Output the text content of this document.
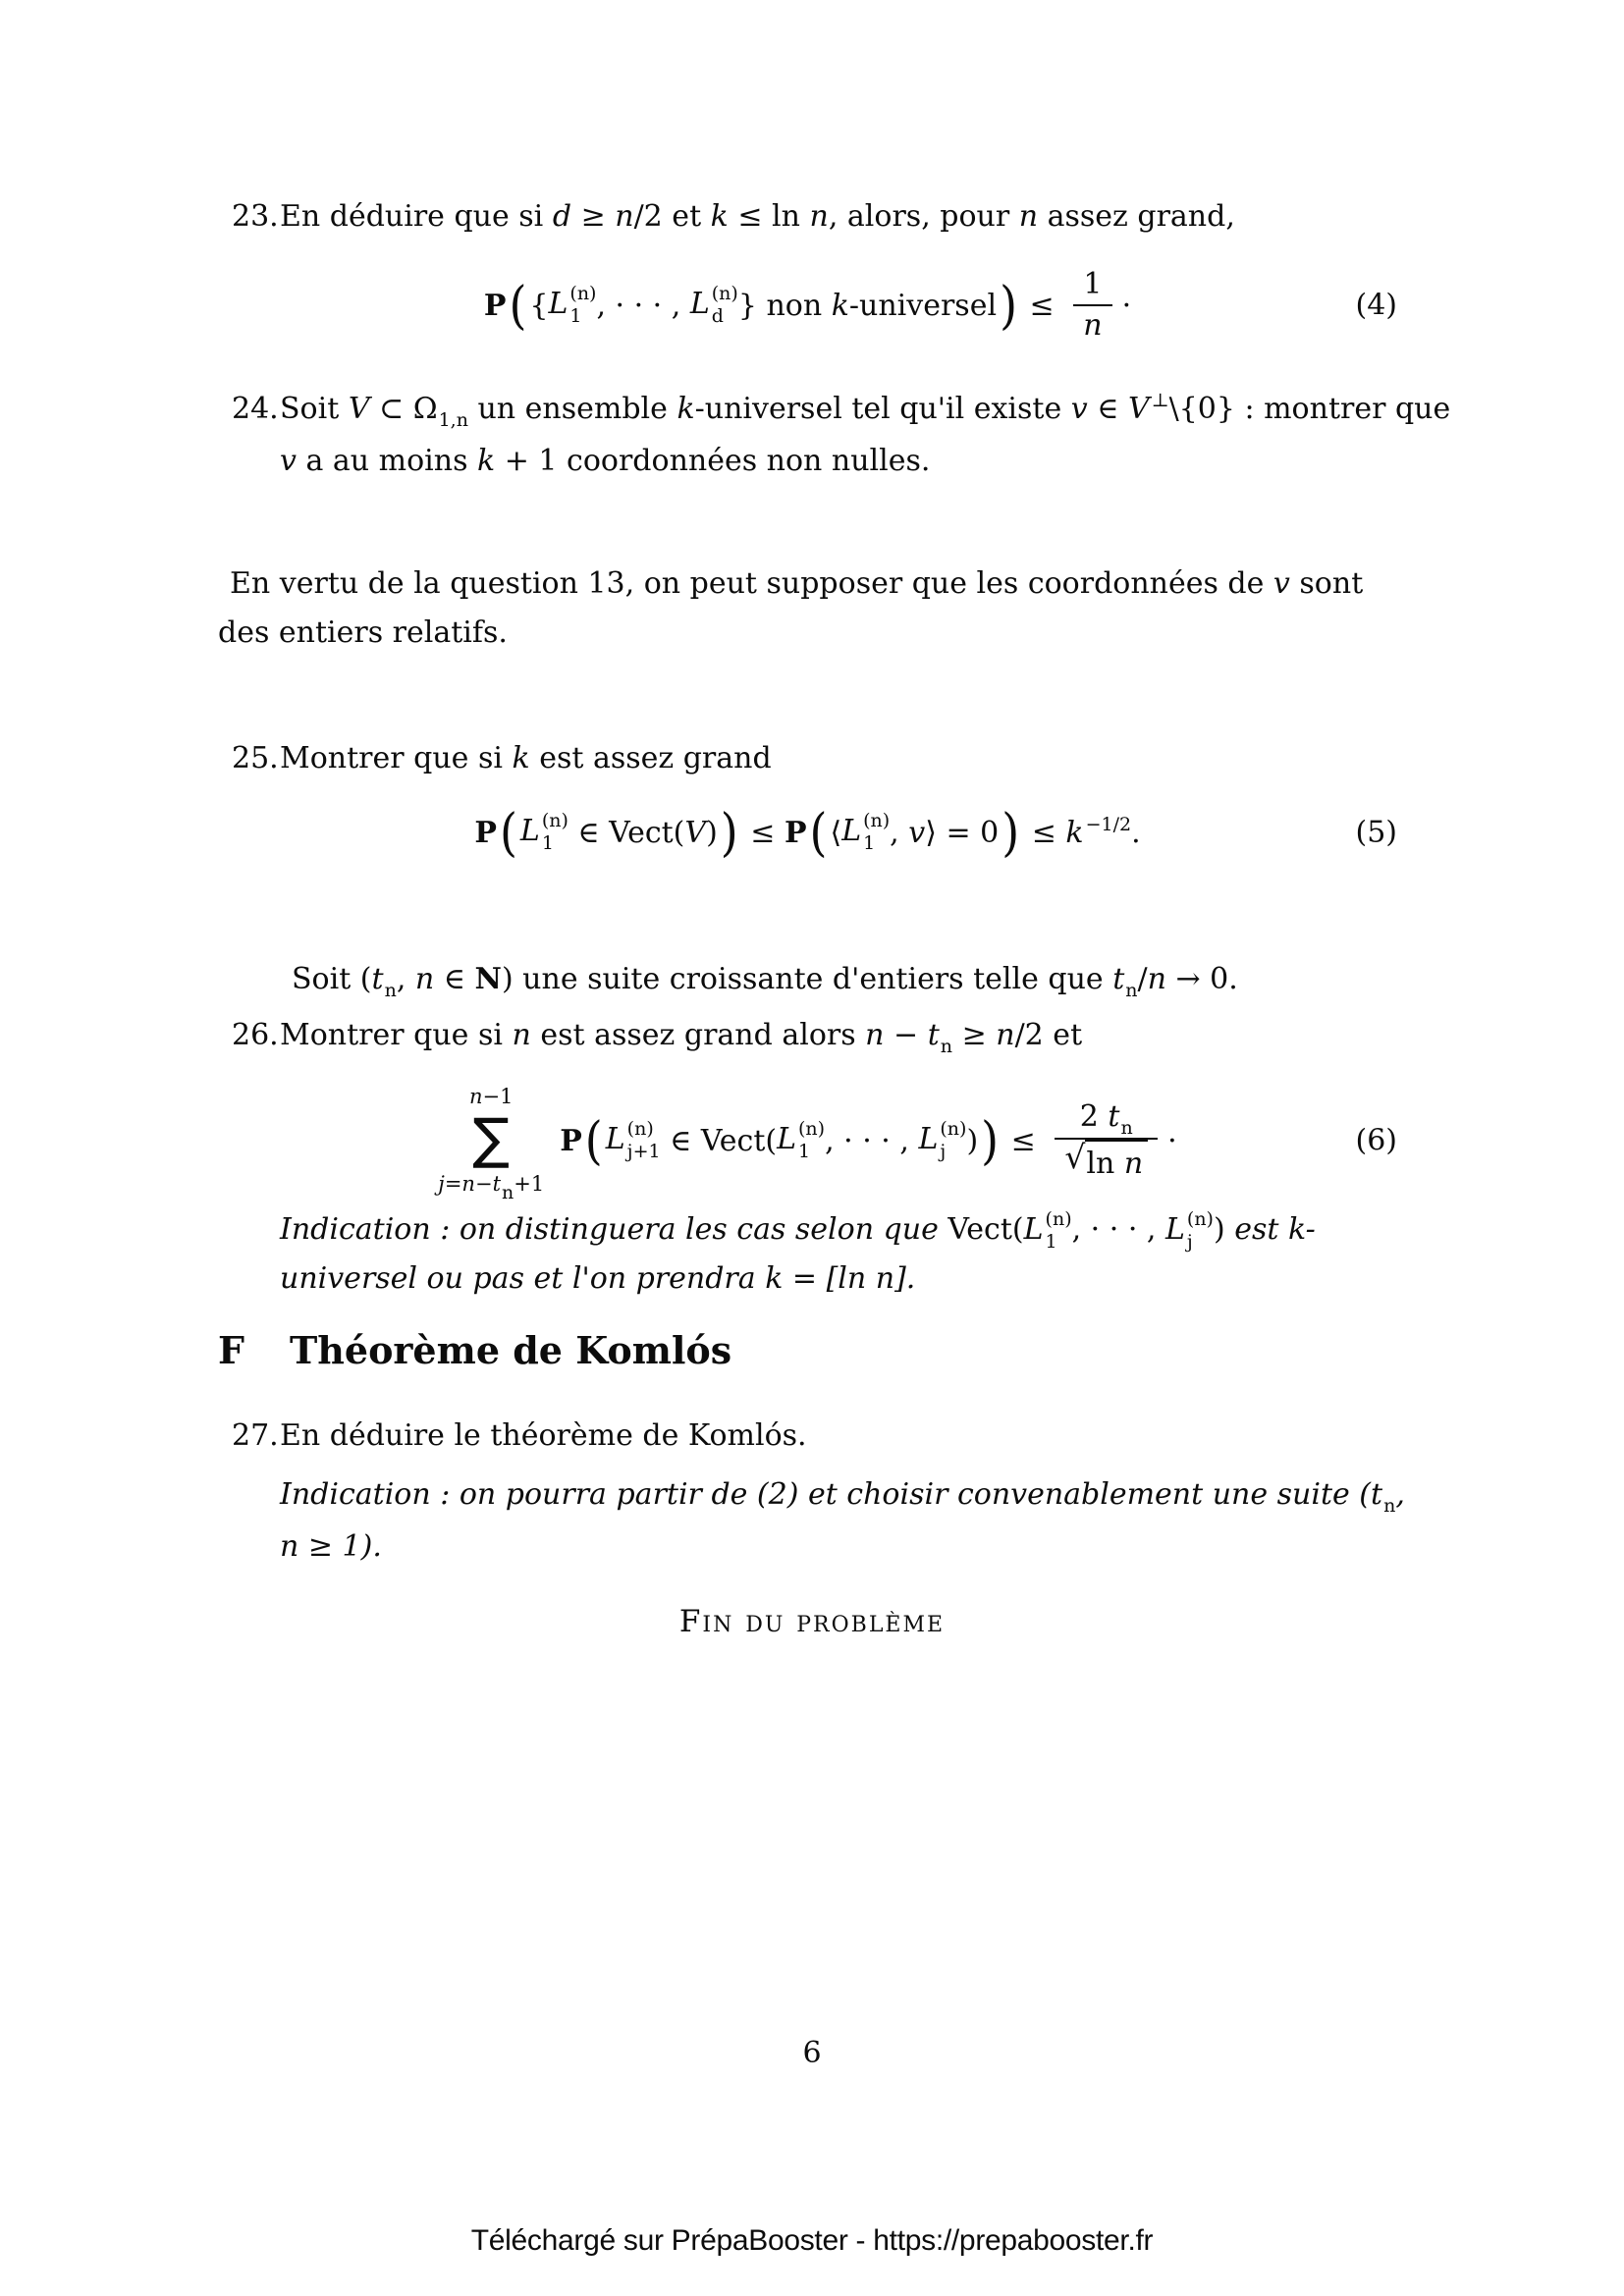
23. En déduire que si d ≥ n/2 et k ≤ ln n, alors, pour n assez grand,
P ( { L (n)
1 , · · · , L (n)
d } non k -universel ) ≤ $\frac{1}{n}$ ·	(4)
24. Soit V ⊂ $\Omega_{1,n}$ un ensemble k-universel tel qu'il existe v ∈ V ⊥\{0} : montrer que v a au moins k + 1 coordonnées non nulles.
En vertu de la question 13, on peut supposer que les coordonnées de v sont des entiers relatifs.
25. Montrer que si k est assez grand
P ( L (n)
1 ∈ Vect( V ) ) ≤ P ( ⟨ L (n)
1 , v ⟩ = 0 ) ≤ k $^{-1/2}$ .	(5)
Soit ($t_n$, n ∈ N) une suite croissante d'entiers telle que $t_n/n \to 0$.
26. Montrer que si n est assez grand alors $n - t_n \ge n/2$ et
n−1
∑
j=n−tn+1
P ( L (n)
j+1 ∈ Vect( L (n)
1 , · · · , L (n)
j ) ) ≤ $\frac{2 t_n}{\text{√ ln n}}$ ·	(6)
Indication : on distinguera les cas selon que Vect(L (n)
1 , · · · , L (n)
j ) est k-universel ou pas et l'on prendra k = [ln n].
F Théorème de Komlós
27. En déduire le théorème de Komlós.
Indication : on pourra partir de (2) et choisir convenablement une suite ($t_n$, n ≥ 1).
Fin du problème
6
Téléchargé sur PrépaBooster - https://prepabooster.fr
